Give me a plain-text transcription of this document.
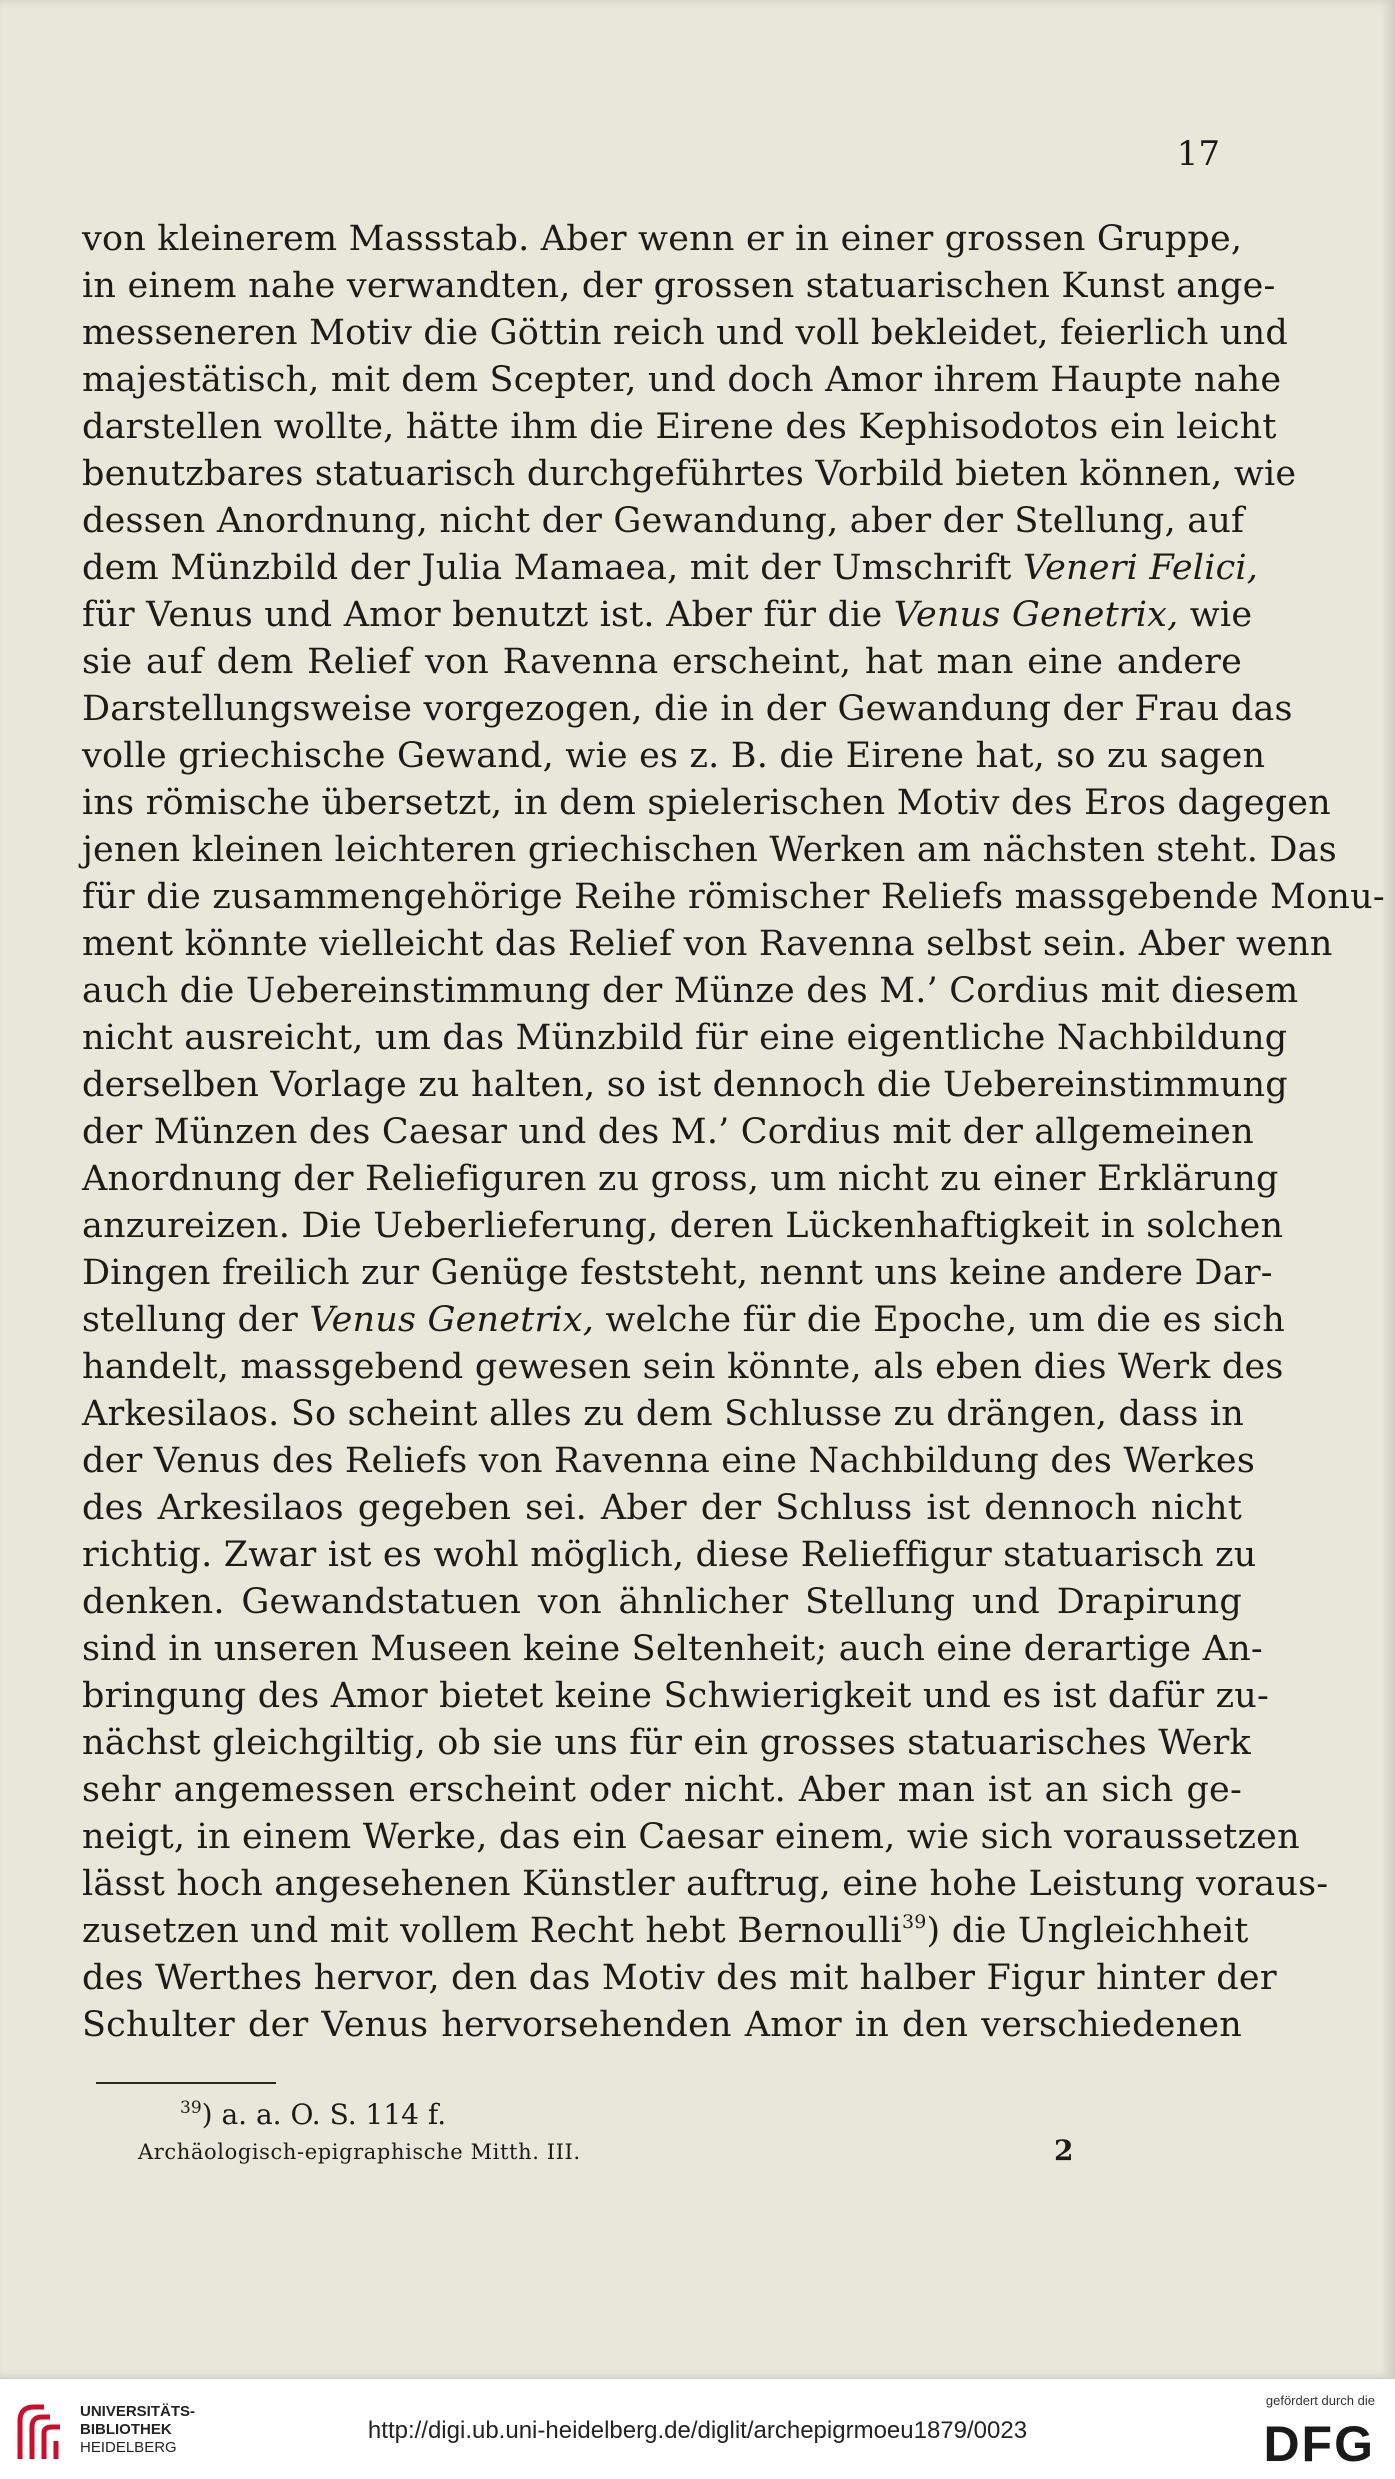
17
von kleinerem Massstab. Aber wenn er in einer grossen Gruppe,
in einem nahe verwandten, der grossen statuarischen Kunst ange-
messeneren Motiv die Göttin reich und voll bekleidet, feierlich und
majestätisch, mit dem Scepter, und doch Amor ihrem Haupte nahe
darstellen wollte, hätte ihm die Eirene des Kephisodotos ein leicht
benutzbares statuarisch durchgeführtes Vorbild bieten können, wie
dessen Anordnung, nicht der Gewandung, aber der Stellung, auf
dem Münzbild der Julia Mamaea, mit der Umschrift Veneri Felici,
für Venus und Amor benutzt ist. Aber für die Venus Genetrix, wie
sie auf dem Relief von Ravenna erscheint, hat man eine andere
Darstellungsweise vorgezogen, die in der Gewandung der Frau das
volle griechische Gewand, wie es z. B. die Eirene hat, so zu sagen
ins römische übersetzt, in dem spielerischen Motiv des Eros dagegen
jenen kleinen leichteren griechischen Werken am nächsten steht. Das
für die zusammengehörige Reihe römischer Reliefs massgebende Monu-
ment könnte vielleicht das Relief von Ravenna selbst sein. Aber wenn
auch die Uebereinstimmung der Münze des M.’ Cordius mit diesem
nicht ausreicht, um das Münzbild für eine eigentliche Nachbildung
derselben Vorlage zu halten, so ist dennoch die Uebereinstimmung
der Münzen des Caesar und des M.’ Cordius mit der allgemeinen
Anordnung der Reliefiguren zu gross, um nicht zu einer Erklärung
anzureizen. Die Ueberlieferung, deren Lückenhaftigkeit in solchen
Dingen freilich zur Genüge feststeht, nennt uns keine andere Dar-
stellung der Venus Genetrix, welche für die Epoche, um die es sich
handelt, massgebend gewesen sein könnte, als eben dies Werk des
Arkesilaos. So scheint alles zu dem Schlusse zu drängen, dass in
der Venus des Reliefs von Ravenna eine Nachbildung des Werkes
des Arkesilaos gegeben sei. Aber der Schluss ist dennoch nicht
richtig. Zwar ist es wohl möglich, diese Relieffigur statuarisch zu
denken. Gewandstatuen von ähnlicher Stellung und Drapirung
sind in unseren Museen keine Seltenheit; auch eine derartige An-
bringung des Amor bietet keine Schwierigkeit und es ist dafür zu-
nächst gleichgiltig, ob sie uns für ein grosses statuarisches Werk
sehr angemessen erscheint oder nicht. Aber man ist an sich ge-
neigt, in einem Werke, das ein Caesar einem, wie sich voraussetzen
lässt hoch angesehenen Künstler auftrug, eine hohe Leistung voraus-
zusetzen und mit vollem Recht hebt Bernoulli$^{39}$) die Ungleichheit
des Werthes hervor, den das Motiv des mit halber Figur hinter der
Schulter der Venus hervorsehenden Amor in den verschiedenen
$^{39}$) a. a. O. S. 114 f.
Archäologisch-epigraphische Mitth. III.	2
UNIVERSITÄTS-
BIBLIOTHEK
HEIDELBERG
http://digi.ub.uni-heidelberg.de/diglit/archepigrmoeu1879/0023
gefördert durch die
DFG
